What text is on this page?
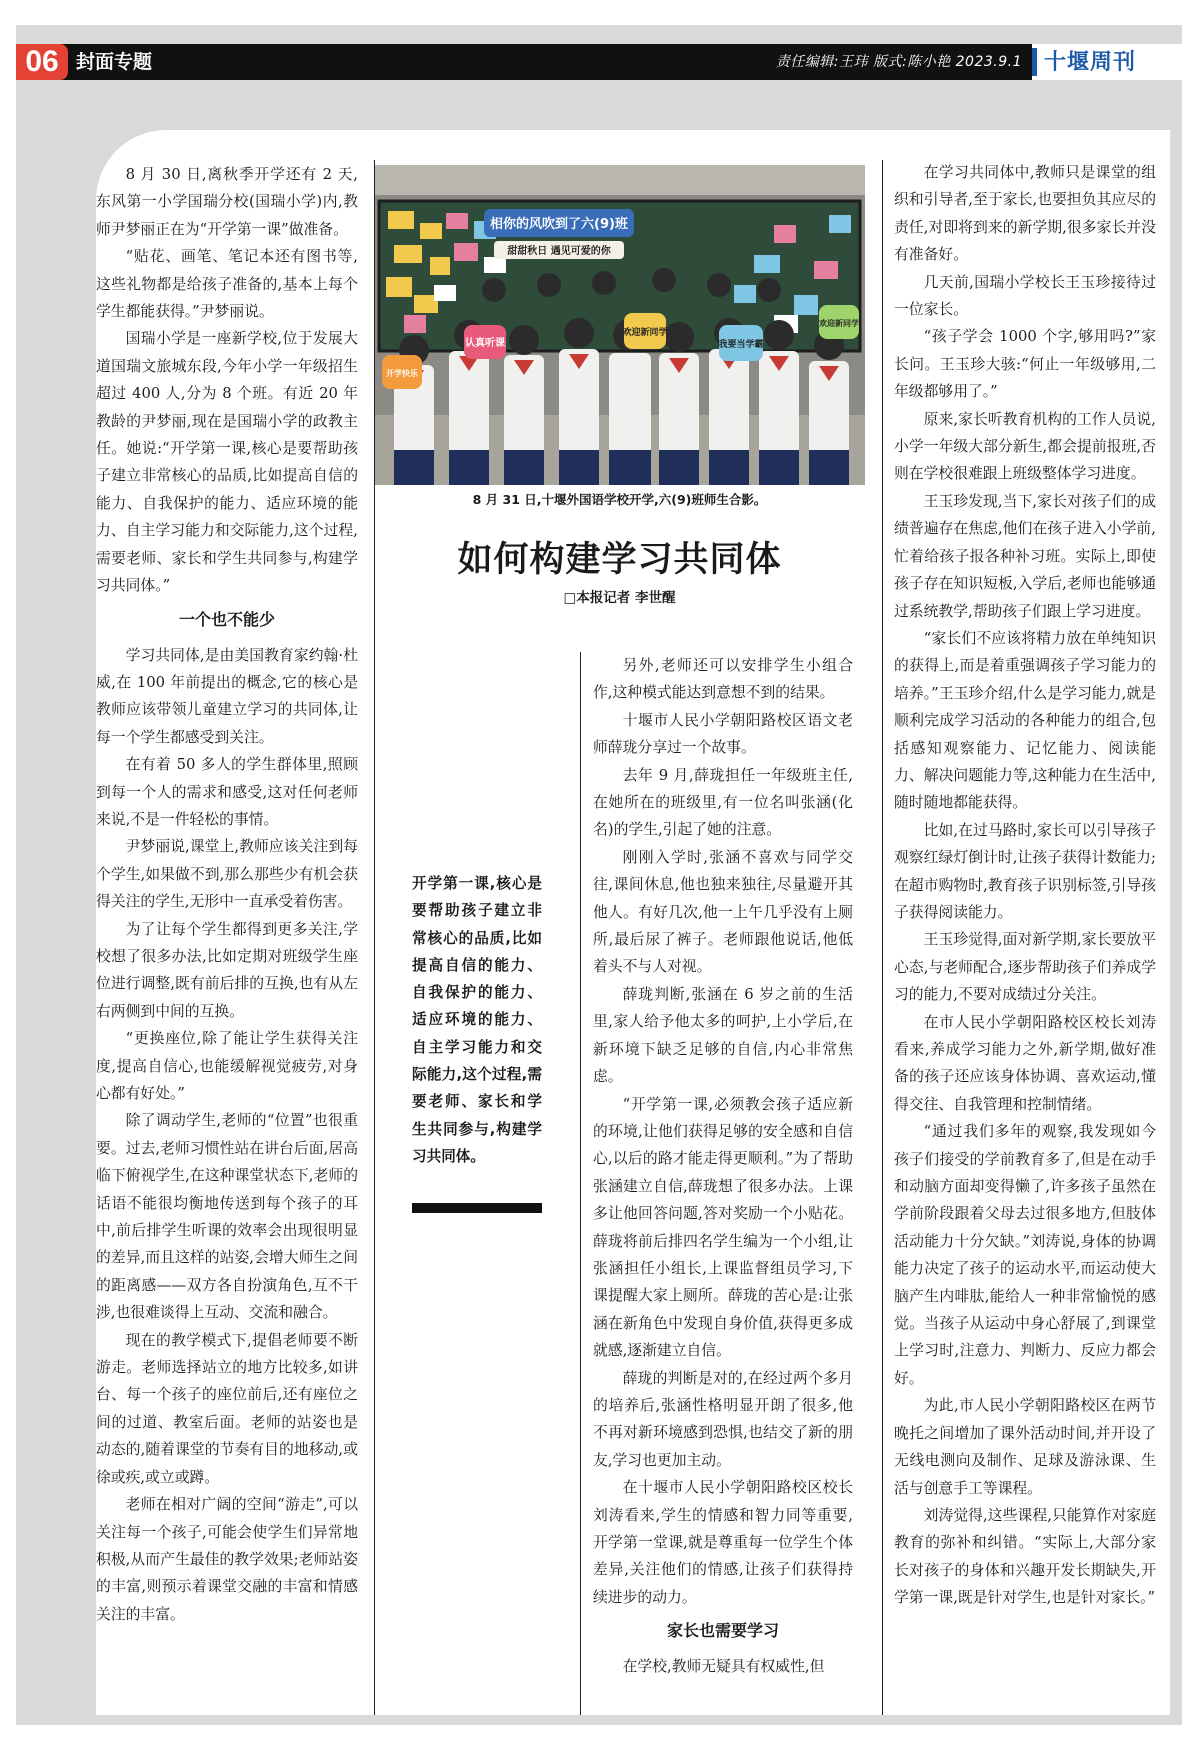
06 封面专题	责任编辑:王玮 版式:陈小艳 2023.9.1 十堰周刊

8 月 30 日,离秋季开学还有 2 天,东风第一小学国瑞分校(国瑞小学)内,教师尹梦丽正在为“开学第一课”做准备。

“贴花、画笔、笔记本还有图书等,这些礼物都是给孩子准备的,基本上每个学生都能获得。”尹梦丽说。

国瑞小学是一座新学校,位于发展大道国瑞文旅城东段,今年小学一年级招生超过 400 人,分为 8 个班。有近 20 年教龄的尹梦丽,现在是国瑞小学的政教主任。她说:“开学第一课,核心是要帮助孩子建立非常核心的品质,比如提高自信的能力、自我保护的能力、适应环境的能力、自主学习能力和交际能力,这个过程,需要老师、家长和学生共同参与,构建学习共同体。”

一个也不能少

学习共同体,是由美国教育家约翰·杜威,在 100 年前提出的概念,它的核心是教师应该带领儿童建立学习的共同体,让每一个学生都感受到关注。

在有着 50 多人的学生群体里,照顾到每一个人的需求和感受,这对任何老师来说,不是一件轻松的事情。

尹梦丽说,课堂上,教师应该关注到每个学生,如果做不到,那么那些少有机会获得关注的学生,无形中一直承受着伤害。

为了让每个学生都得到更多关注,学校想了很多办法,比如定期对班级学生座位进行调整,既有前后排的互换,也有从左右两侧到中间的互换。

“更换座位,除了能让学生获得关注度,提高自信心,也能缓解视觉疲劳,对身心都有好处。”

除了调动学生,老师的“位置”也很重要。过去,老师习惯性站在讲台后面,居高临下俯视学生,在这种课堂状态下,老师的话语不能很均衡地传送到每个孩子的耳中,前后排学生听课的效率会出现很明显的差异,而且这样的站姿,会增大师生之间的距离感——双方各自扮演角色,互不干涉,也很难谈得上互动、交流和融合。

现在的教学模式下,提倡老师要不断游走。老师选择站立的地方比较多,如讲台、每一个孩子的座位前后,还有座位之间的过道、教室后面。老师的站姿也是动态的,随着课堂的节奏有目的地移动,或徐或疾,或立或蹲。

老师在相对广阔的空间“游走”,可以关注每一个孩子,可能会使学生们异常地积极,从而产生最佳的教学效果;老师站姿的丰富,则预示着课堂交融的丰富和情感关注的丰富。

相你的风吹到了六(9)班
甜甜秋日 遇见可爱的你
认真听课
欢迎新同学
我要当学霸
欢迎新同学
开学快乐
8 月 31 日,十堰外国语学校开学,六(9)班师生合影。
如何构建学习共同体
□本报记者 李世醒
开学第一课,核心是要帮助孩子建立非常核心的品质,比如提高自信的能力、自我保护的能力、适应环境的能力、自主学习能力和交际能力,这个过程,需要老师、家长和学生共同参与,构建学习共同体。

另外,老师还可以安排学生小组合作,这种模式能达到意想不到的结果。

十堰市人民小学朝阳路校区语文老师薛珑分享过一个故事。

去年 9 月,薛珑担任一年级班主任,在她所在的班级里,有一位名叫张涵(化名)的学生,引起了她的注意。

刚刚入学时,张涵不喜欢与同学交往,课间休息,他也独来独往,尽量避开其他人。有好几次,他一上午几乎没有上厕所,最后尿了裤子。老师跟他说话,他低着头不与人对视。

薛珑判断,张涵在 6 岁之前的生活里,家人给予他太多的呵护,上小学后,在新环境下缺乏足够的自信,内心非常焦虑。

“开学第一课,必须教会孩子适应新的环境,让他们获得足够的安全感和自信心,以后的路才能走得更顺利。”为了帮助张涵建立自信,薛珑想了很多办法。上课多让他回答问题,答对奖励一个小贴花。薛珑将前后排四名学生编为一个小组,让张涵担任小组长,上课监督组员学习,下课提醒大家上厕所。薛珑的苦心是:让张涵在新角色中发现自身价值,获得更多成就感,逐渐建立自信。

薛珑的判断是对的,在经过两个多月的培养后,张涵性格明显开朗了很多,他不再对新环境感到恐惧,也结交了新的朋友,学习也更加主动。

在十堰市人民小学朝阳路校区校长刘涛看来,学生的情感和智力同等重要,开学第一堂课,就是尊重每一位学生个体差异,关注他们的情感,让孩子们获得持续进步的动力。

家长也需要学习

在学校,教师无疑具有权威性,但

在学习共同体中,教师只是课堂的组织和引导者,至于家长,也要担负其应尽的责任,对即将到来的新学期,很多家长并没有准备好。

几天前,国瑞小学校长王玉珍接待过一位家长。

“孩子学会 1000 个字,够用吗?”家长问。王玉珍大骇:“何止一年级够用,二年级都够用了。”

原来,家长听教育机构的工作人员说,小学一年级大部分新生,都会提前报班,否则在学校很难跟上班级整体学习进度。

王玉珍发现,当下,家长对孩子们的成绩普遍存在焦虑,他们在孩子进入小学前,忙着给孩子报各种补习班。实际上,即使孩子存在知识短板,入学后,老师也能够通过系统教学,帮助孩子们跟上学习进度。

“家长们不应该将精力放在单纯知识的获得上,而是着重强调孩子学习能力的培养。”王玉珍介绍,什么是学习能力,就是顺利完成学习活动的各种能力的组合,包括感知观察能力、记忆能力、阅读能力、解决问题能力等,这种能力在生活中,随时随地都能获得。

比如,在过马路时,家长可以引导孩子观察红绿灯倒计时,让孩子获得计数能力;在超市购物时,教育孩子识别标签,引导孩子获得阅读能力。

王玉珍觉得,面对新学期,家长要放平心态,与老师配合,逐步帮助孩子们养成学习的能力,不要对成绩过分关注。

在市人民小学朝阳路校区校长刘涛看来,养成学习能力之外,新学期,做好准备的孩子还应该身体协调、喜欢运动,懂得交往、自我管理和控制情绪。

“通过我们多年的观察,我发现如今孩子们接受的学前教育多了,但是在动手和动脑方面却变得懒了,许多孩子虽然在学前阶段跟着父母去过很多地方,但肢体活动能力十分欠缺。”刘涛说,身体的协调能力决定了孩子的运动水平,而运动使大脑产生内啡肽,能给人一种非常愉悦的感觉。当孩子从运动中身心舒展了,到课堂上学习时,注意力、判断力、反应力都会好。

为此,市人民小学朝阳路校区在两节晚托之间增加了课外活动时间,并开设了无线电测向及制作、足球及游泳课、生活与创意手工等课程。

刘涛觉得,这些课程,只能算作对家庭教育的弥补和纠错。“实际上,大部分家长对孩子的身体和兴趣开发长期缺失,开学第一课,既是针对学生,也是针对家长。”
